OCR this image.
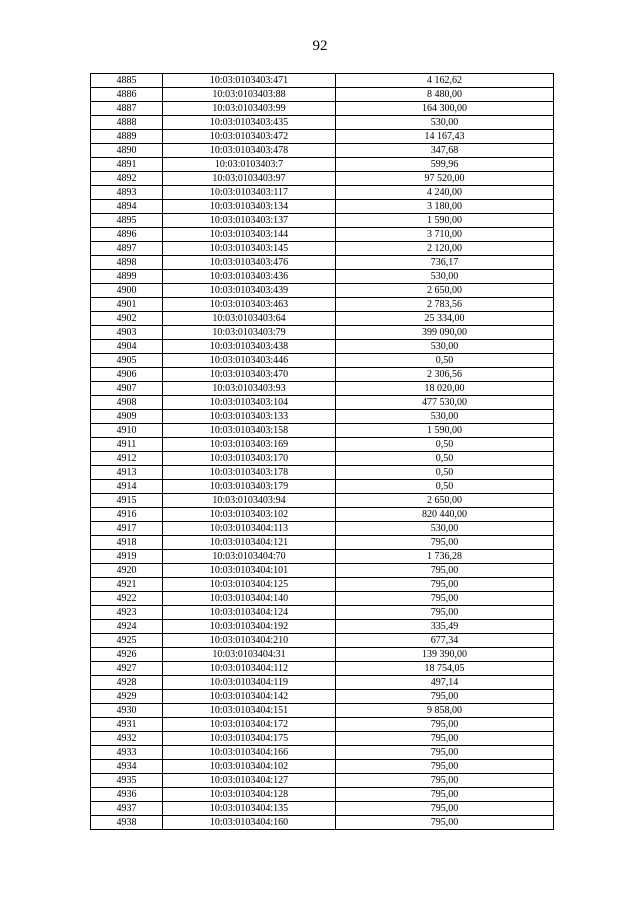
92
4885	10:03:0103403:471	4 162,62
4886	10:03:0103403:88	8 480,00
4887	10:03:0103403:99	164 300,00
4888	10:03:0103403:435	530,00
4889	10:03:0103403:472	14 167,43
4890	10:03:0103403:478	347,68
4891	10:03:0103403:7	599,96
4892	10:03:0103403:97	97 520,00
4893	10:03:0103403:117	4 240,00
4894	10:03:0103403:134	3 180,00
4895	10:03:0103403:137	1 590,00
4896	10:03:0103403:144	3 710,00
4897	10:03:0103403:145	2 120,00
4898	10:03:0103403:476	736,17
4899	10:03:0103403:436	530,00
4900	10:03:0103403:439	2 650,00
4901	10:03:0103403:463	2 783,56
4902	10:03:0103403:64	25 334,00
4903	10:03:0103403:79	399 090,00
4904	10:03:0103403:438	530,00
4905	10:03:0103403:446	0,50
4906	10:03:0103403:470	2 306,56
4907	10:03:0103403:93	18 020,00
4908	10:03:0103403:104	477 530,00
4909	10:03:0103403:133	530,00
4910	10:03:0103403:158	1 590,00
4911	10:03:0103403:169	0,50
4912	10:03:0103403:170	0,50
4913	10:03:0103403:178	0,50
4914	10:03:0103403:179	0,50
4915	10:03:0103403:94	2 650,00
4916	10:03:0103403:102	820 440,00
4917	10:03:0103404:113	530,00
4918	10:03:0103404:121	795,00
4919	10:03:0103404:70	1 736,28
4920	10:03:0103404:101	795,00
4921	10:03:0103404:125	795,00
4922	10:03:0103404:140	795,00
4923	10:03:0103404:124	795,00
4924	10:03:0103404:192	335,49
4925	10:03:0103404:210	677,34
4926	10:03:0103404:31	139 390,00
4927	10:03:0103404:112	18 754,05
4928	10:03:0103404:119	497,14
4929	10:03:0103404:142	795,00
4930	10:03:0103404:151	9 858,00
4931	10:03:0103404:172	795,00
4932	10:03:0103404:175	795,00
4933	10:03:0103404:166	795,00
4934	10:03:0103404:102	795,00
4935	10:03:0103404:127	795,00
4936	10:03:0103404:128	795,00
4937	10:03:0103404:135	795,00
4938	10:03:0103404:160	795,00
